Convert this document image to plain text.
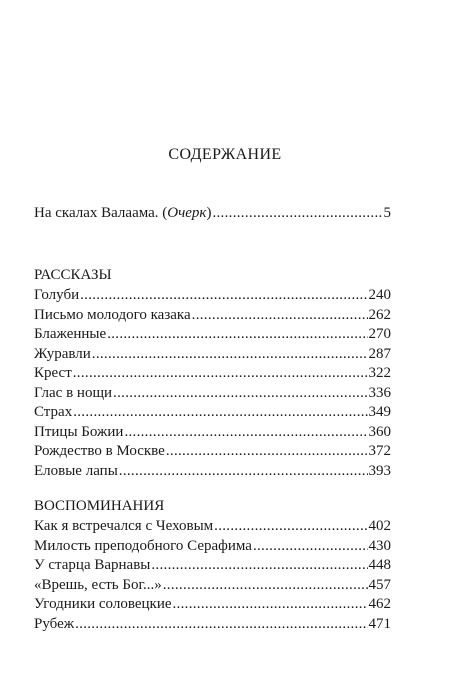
СОДЕРЖАНИЕ
На скалах Валаама. (Очерк) .....	5
РАССКАЗЫ
Голуби .....	240
Письмо молодого казака .....	262
Блаженные .....	270
Журавли .....	287
Крест .....	322
Глас в нощи .....	336
Страх .....	349
Птицы Божии .....	360
Рождество в Москве .....	372
Еловые лапы .....	393
ВОСПОМИНАНИЯ
Как я встречался с Чеховым .....	402
Милость преподобного Серафима .....	430
У старца Варнавы .....	448
«Врешь, есть Бог...» .....	457
Угодники соловецкие .....	462
Рубеж .....	471
